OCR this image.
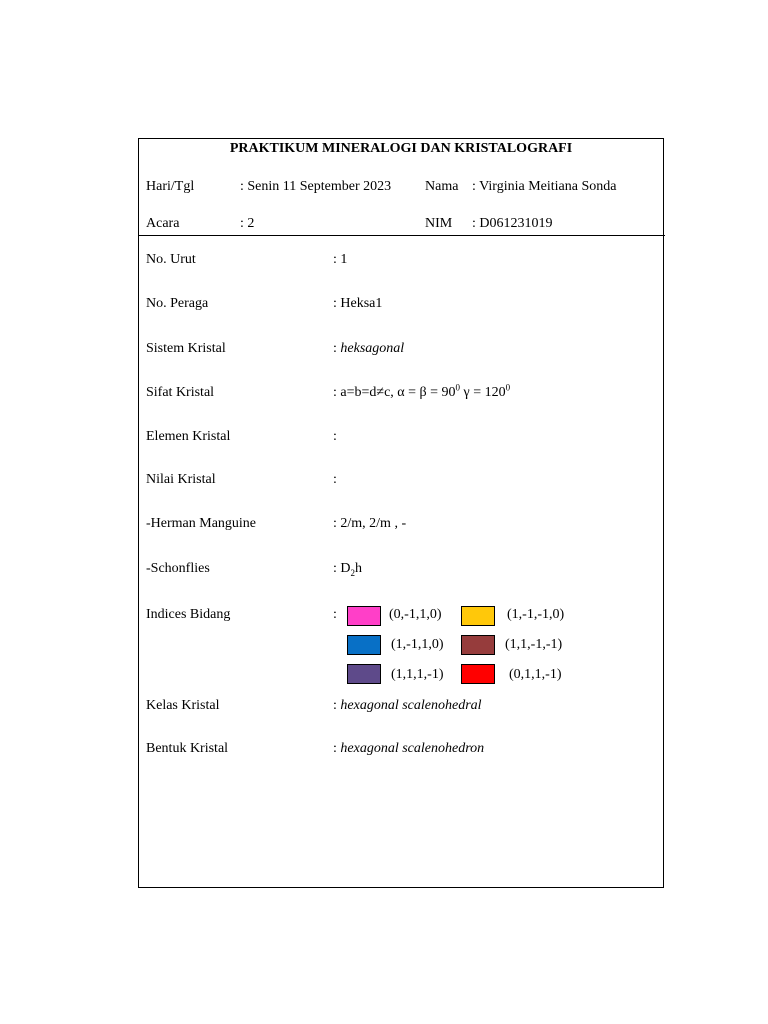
PRAKTIKUM MINERALOGI DAN KRISTALOGRAFI
Hari/Tgl	: Senin 11 September 2023 Nama : Virginia Meitiana Sonda
Acara	: 2	NIM : D061231019
No. Urut	: 1
No. Peraga	: Heksa1
Sistem Kristal	: heksagonal
Sifat Kristal	: a=b=d≠c, $\alpha = \beta = 90^0$ $\gamma = 120^0$
Elemen Kristal	:
Nilai Kristal	:
-Herman Manguine	: 2/m, 2/m , -
-Schonflies	: $D_2h$
Indices Bidang	:	(0,-1,1,0)	(1,-1,-1,0)
(1,-1,1,0)	(1,1,-1,-1)
(1,1,1,-1)	(0,1,1,-1)
Kelas Kristal	: hexagonal scalenohedral
Bentuk Kristal	: hexagonal scalenohedron
